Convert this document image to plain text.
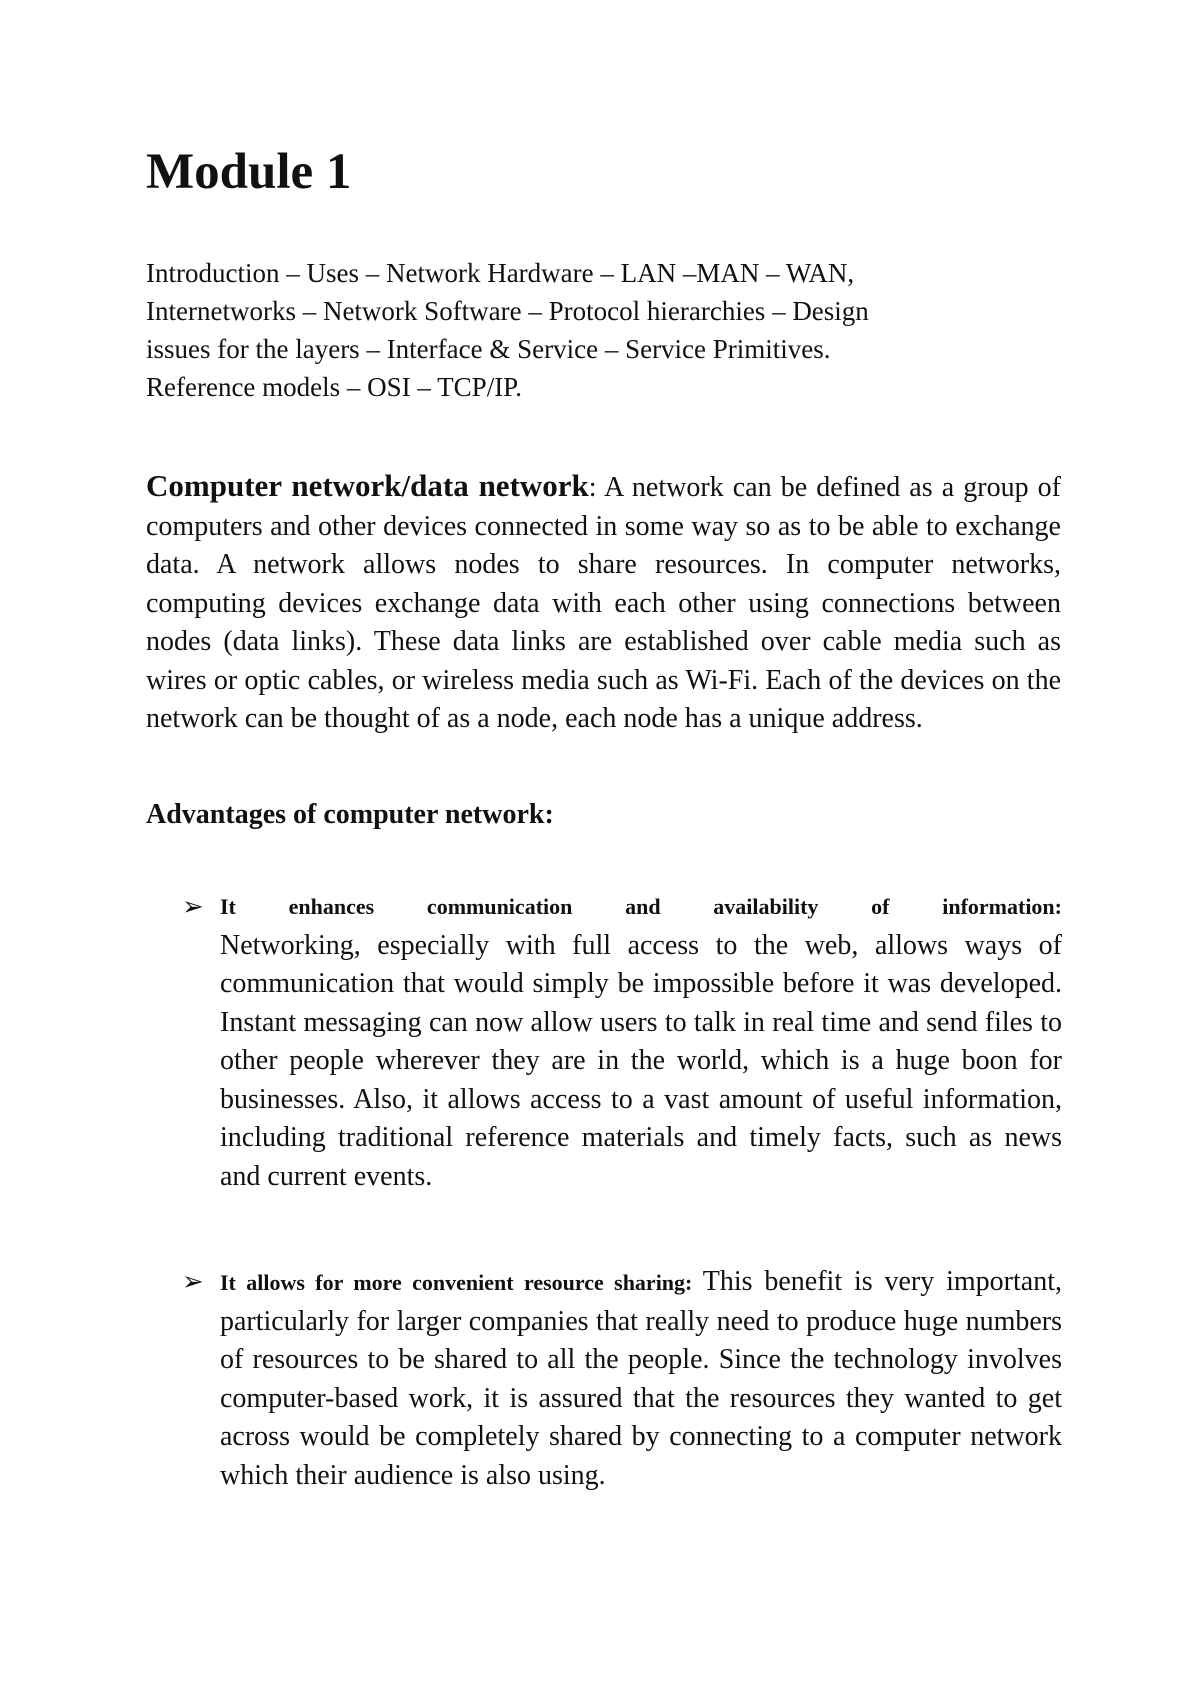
Module 1
Introduction – Uses – Network Hardware – LAN –MAN – WAN,
Internetworks – Network Software – Protocol hierarchies – Design
issues for the layers – Interface & Service – Service Primitives.
Reference models – OSI – TCP/IP.

Computer network/data network: A network can be defined as a group of computers and other devices connected in some way so as to be able to exchange data. A network allows nodes to share resources. In computer networks, computing devices exchange data with each other using connections between nodes (data links). These data links are established over cable media such as wires or optic cables, or wireless media such as Wi-Fi. Each of the devices on the network can be thought of as a node, each node has a unique address.

Advantages of computer network:
➢ It enhances communication and availability of information:
Networking, especially with full access to the web, allows ways of communication that would simply be impossible before it was developed. Instant messaging can now allow users to talk in real time and send files to other people wherever they are in the world, which is a huge boon for businesses. Also, it allows access to a vast amount of useful information, including traditional reference materials and timely facts, such as news and current events.
➢ It allows for more convenient resource sharing: This benefit is very important, particularly for larger companies that really need to produce huge numbers of resources to be shared to all the people. Since the technology involves computer-based work, it is assured that the resources they wanted to get across would be completely shared by connecting to a computer network which their audience is also using.
